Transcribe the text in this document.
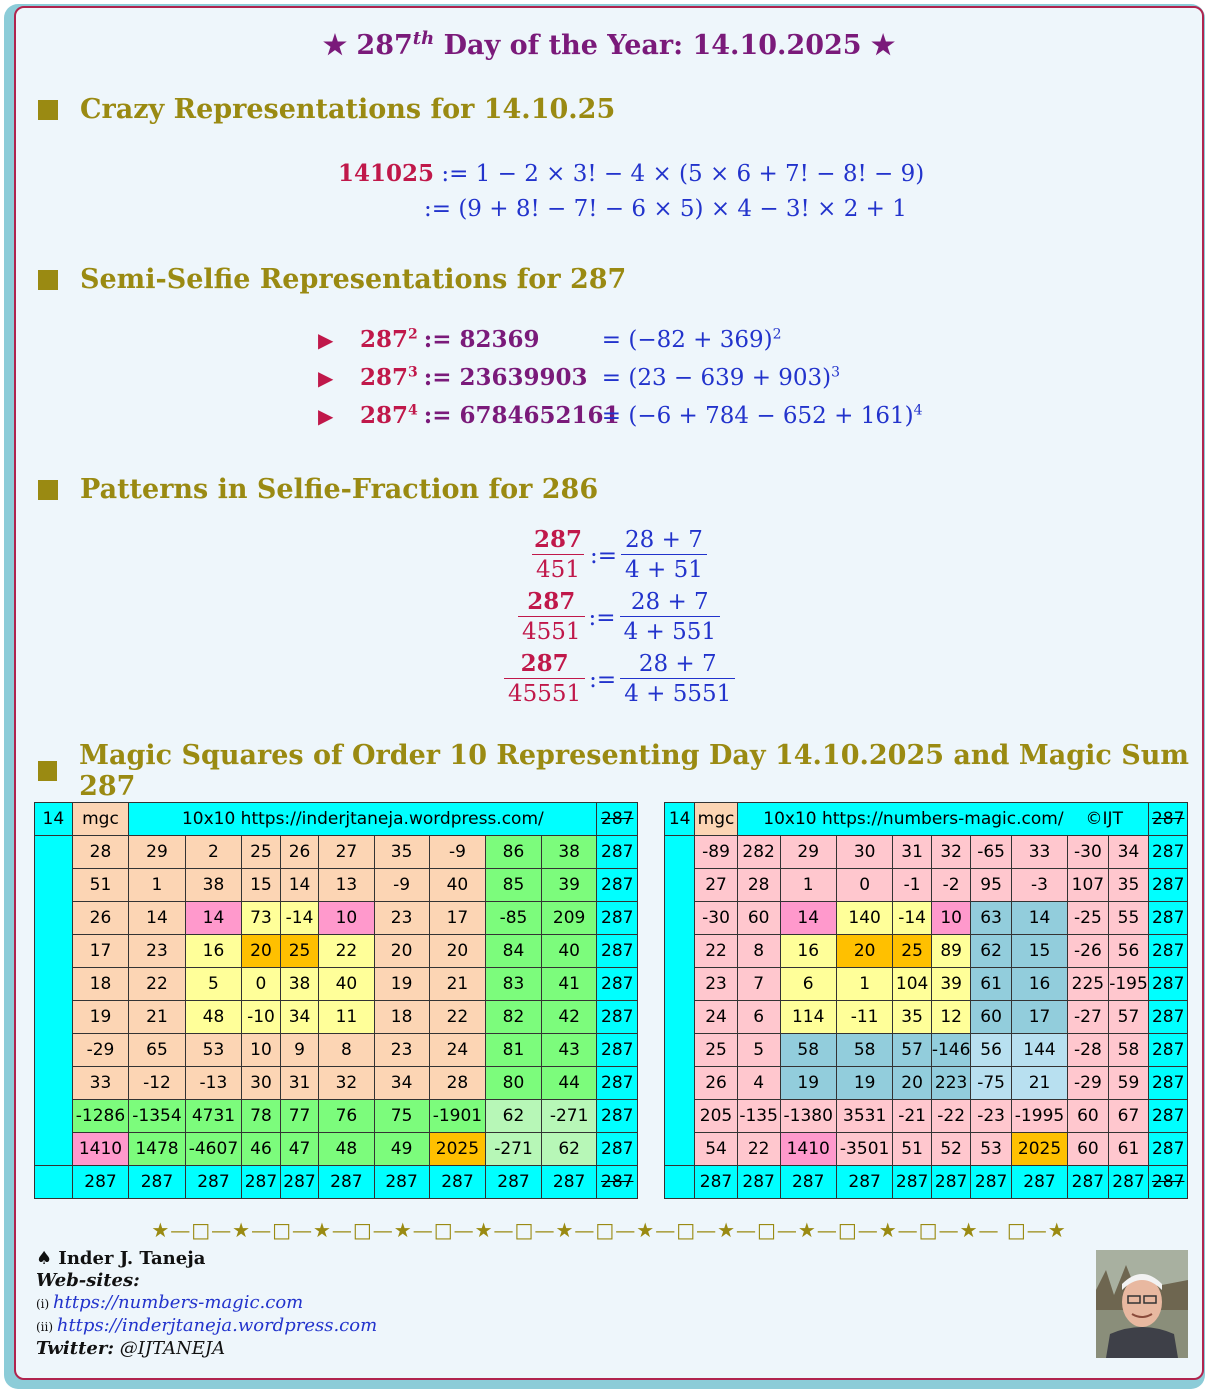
★ 287th Day of the Year: 14.10.2025 ★
Crazy Representations for 14.10.25
141025 := 1 − 2 × 3! − 4 × (5 × 6 + 7! − 8! − 9)
:= (9 + 8! − 7! − 6 × 5) × 4 − 3! × 2 + 1
Semi-Selfie Representations for 287
▶ $287^2$ := 82369	= $(-82 + 369)^2$
▶ $287^3$ := $23639903 = (23 - 639 + 903)^3$
▶ $287^4$ := $6784652161= (-6 + 784 - 652 + 161)^4$
Patterns in Selfie-Fraction for 286
$\frac{287}{451}$ := $\frac{28 + 7}{4 + 51}$
$\frac{287}{4551}$ := $\frac{28 + 7}{4 + 551}$
$\frac{287}{45551}$ := $\frac{28 + 7}{4 + 5551}$
Magic Squares of Order 10 Representing Day 14.10.2025 and Magic Sum 287
14	mgc	10x10 https://inderjtaneja.wordpress.com/									287
	28	29	2	25	26	27	35	-9	86	38	287
	51	1	38	15	14	13	-9	40	85	39	287
	26	14	14	73	-14	10	23	17	-85	209	287
	17	23	16	20	25	22	20	20	84	40	287
	18	22	5	0	38	40	19	21	83	41	287
	19	21	48	-10	34	11	18	22	82	42	287
	-29	65	53	10	9	8	23	24	81	43	287
	33	-12	-13	30	31	32	34	28	80	44	287
	-1286	-1354	4731	78	77	76	75	-1901	62	-271	287
	1410	1478	-4607	46	47	48	49	2025	-271	62	287
	287	287	287	287	287	287	287	287	287	287	287
14	mgc	10x10 https://numbers-magic.com/ ©IJT									287
	-89	282	29	30	31	32	-65	33	-30	34	287
	27	28	1	0	-1	-2	95	-3	107	35	287
	-30	60	14	140	-14	10	63	14	-25	55	287
	22	8	16	20	25	89	62	15	-26	56	287
	23	7	6	1	104	39	61	16	225	-195	287
	24	6	114	-11	35	12	60	17	-27	57	287
	25	5	58	58	57	-146	56	144	-28	58	287
	26	4	19	19	20	223	-75	21	-29	59	287
	205	-135	-1380	3531	-21	-22	-23	-1995	60	67	287
	54	22	1410	-3501	51	52	53	2025	60	61	287
	287	287	287	287	287	287	287	287	287	287	287
★—□—★—□—★—□—★—□—★—□—★—□—★—□—★—□—★—□—★—□—★— □—★
♠ Inder J. Taneja
Web-sites:
(i) https://numbers-magic.com
(ii) https://inderjtaneja.wordpress.com
Twitter: @IJTANEJA
